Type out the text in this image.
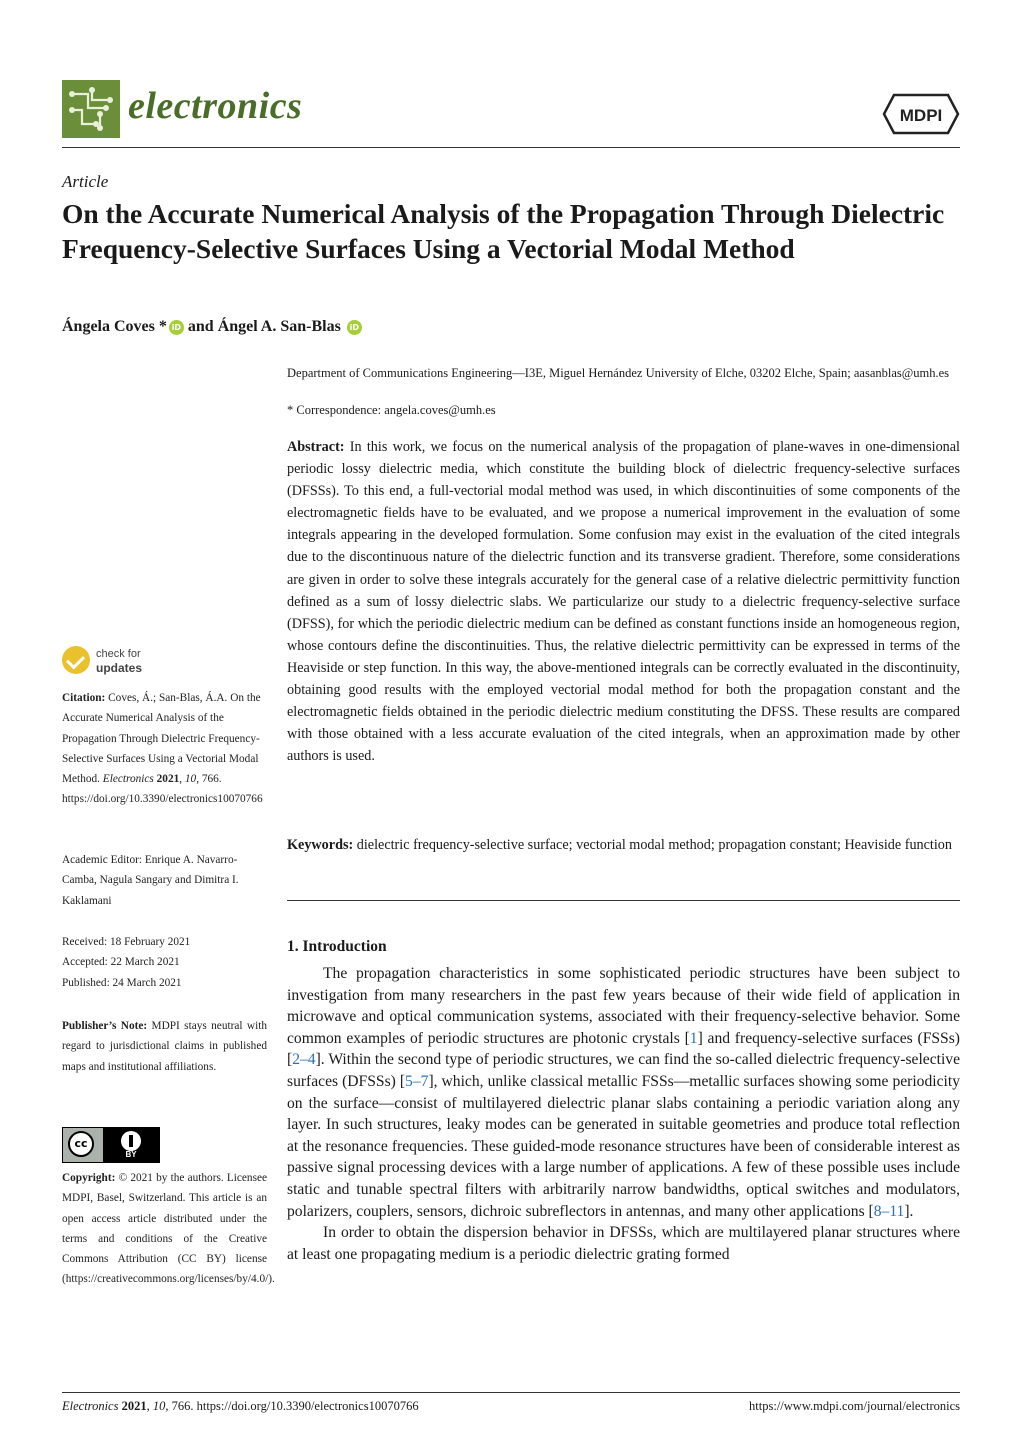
electronics	MDPI
Article
On the Accurate Numerical Analysis of the Propagation Through Dielectric Frequency-Selective Surfaces Using a Vectorial Modal Method
Ángela Coves * iD and Ángel A. San-Blas iD

Department of Communications Engineering—I3E, Miguel Hernández University of Elche, 03202 Elche, Spain; aasanblas@umh.es

* Correspondence: angela.coves@umh.es
Abstract: In this work, we focus on the numerical analysis of the propagation of plane-waves in one-dimensional periodic lossy dielectric media, which constitute the building block of dielectric frequency-selective surfaces (DFSSs). To this end, a full-vectorial modal method was used, in which discontinuities of some components of the electromagnetic fields have to be evaluated, and we propose a numerical improvement in the evaluation of some integrals appearing in the developed formulation. Some confusion may exist in the evaluation of the cited integrals due to the discontinuous nature of the dielectric function and its transverse gradient. Therefore, some considerations are given in order to solve these integrals accurately for the general case of a relative dielectric permittivity function defined as a sum of lossy dielectric slabs. We particularize our study to a dielectric frequency-selective surface (DFSS), for which the periodic dielectric medium can be defined as constant functions inside an homogeneous region, whose contours define the discontinuities. Thus, the relative dielectric permittivity can be expressed in terms of the Heaviside or step function. In this way, the above-mentioned integrals can be correctly evaluated in the discontinuity, obtaining good results with the employed vectorial modal method for both the propagation constant and the electromagnetic fields obtained in the periodic dielectric medium constituting the DFSS. These results are compared with those obtained with a less accurate evaluation of the cited integrals, when an approximation made by other authors is used.
Keywords: dielectric frequency-selective surface; vectorial modal method; propagation constant; Heaviside function
1. Introduction

The propagation characteristics in some sophisticated periodic structures have been subject to investigation from many researchers in the past few years because of their wide field of application in microwave and optical communication systems, associated with their frequency-selective behavior. Some common examples of periodic structures are photonic crystals [1] and frequency-selective surfaces (FSSs) [2–4]. Within the second type of periodic structures, we can find the so-called dielectric frequency-selective surfaces (DFSSs) [5–7], which, unlike classical metallic FSSs—metallic surfaces showing some periodicity on the surface—consist of multilayered dielectric planar slabs containing a periodic variation along any layer. In such structures, leaky modes can be generated in suitable geometries and produce total reflection at the resonance frequencies. These guided-mode resonance structures have been of considerable interest as passive signal processing devices with a large number of applications. A few of these possible uses include static and tunable spectral filters with arbitrarily narrow bandwidths, optical switches and modulators, polarizers, couplers, sensors, dichroic subreflectors in antennas, and many other applications [8–11].

In order to obtain the dispersion behavior in DFSSs, which are multilayered planar structures where at least one propagating medium is a periodic dielectric grating formed

check for
updates

Citation: Coves, Á.; San-Blas, Á.A. On the Accurate Numerical Analysis of the Propagation Through Dielectric Frequency-Selective Surfaces Using a Vectorial Modal Method. Electronics 2021, 10, 766. https://doi.org/10.3390/electronics10070766

Academic Editor: Enrique A. Navarro-Camba, Nagula Sangary and Dimitra I. Kaklamani

Received: 18 February 2021

Accepted: 22 March 2021

Published: 24 March 2021

Publisher’s Note: MDPI stays neutral with regard to jurisdictional claims in published maps and institutional affiliations.
cc
BY
Copyright: © 2021 by the authors. Licensee MDPI, Basel, Switzerland. This article is an open access article distributed under the terms and conditions of the Creative Commons Attribution (CC BY) license (https://creativecommons.org/licenses/by/4.0/).
Electronics 2021, 10, 766. https://doi.org/10.3390/electronics10070766	https://www.mdpi.com/journal/electronics
